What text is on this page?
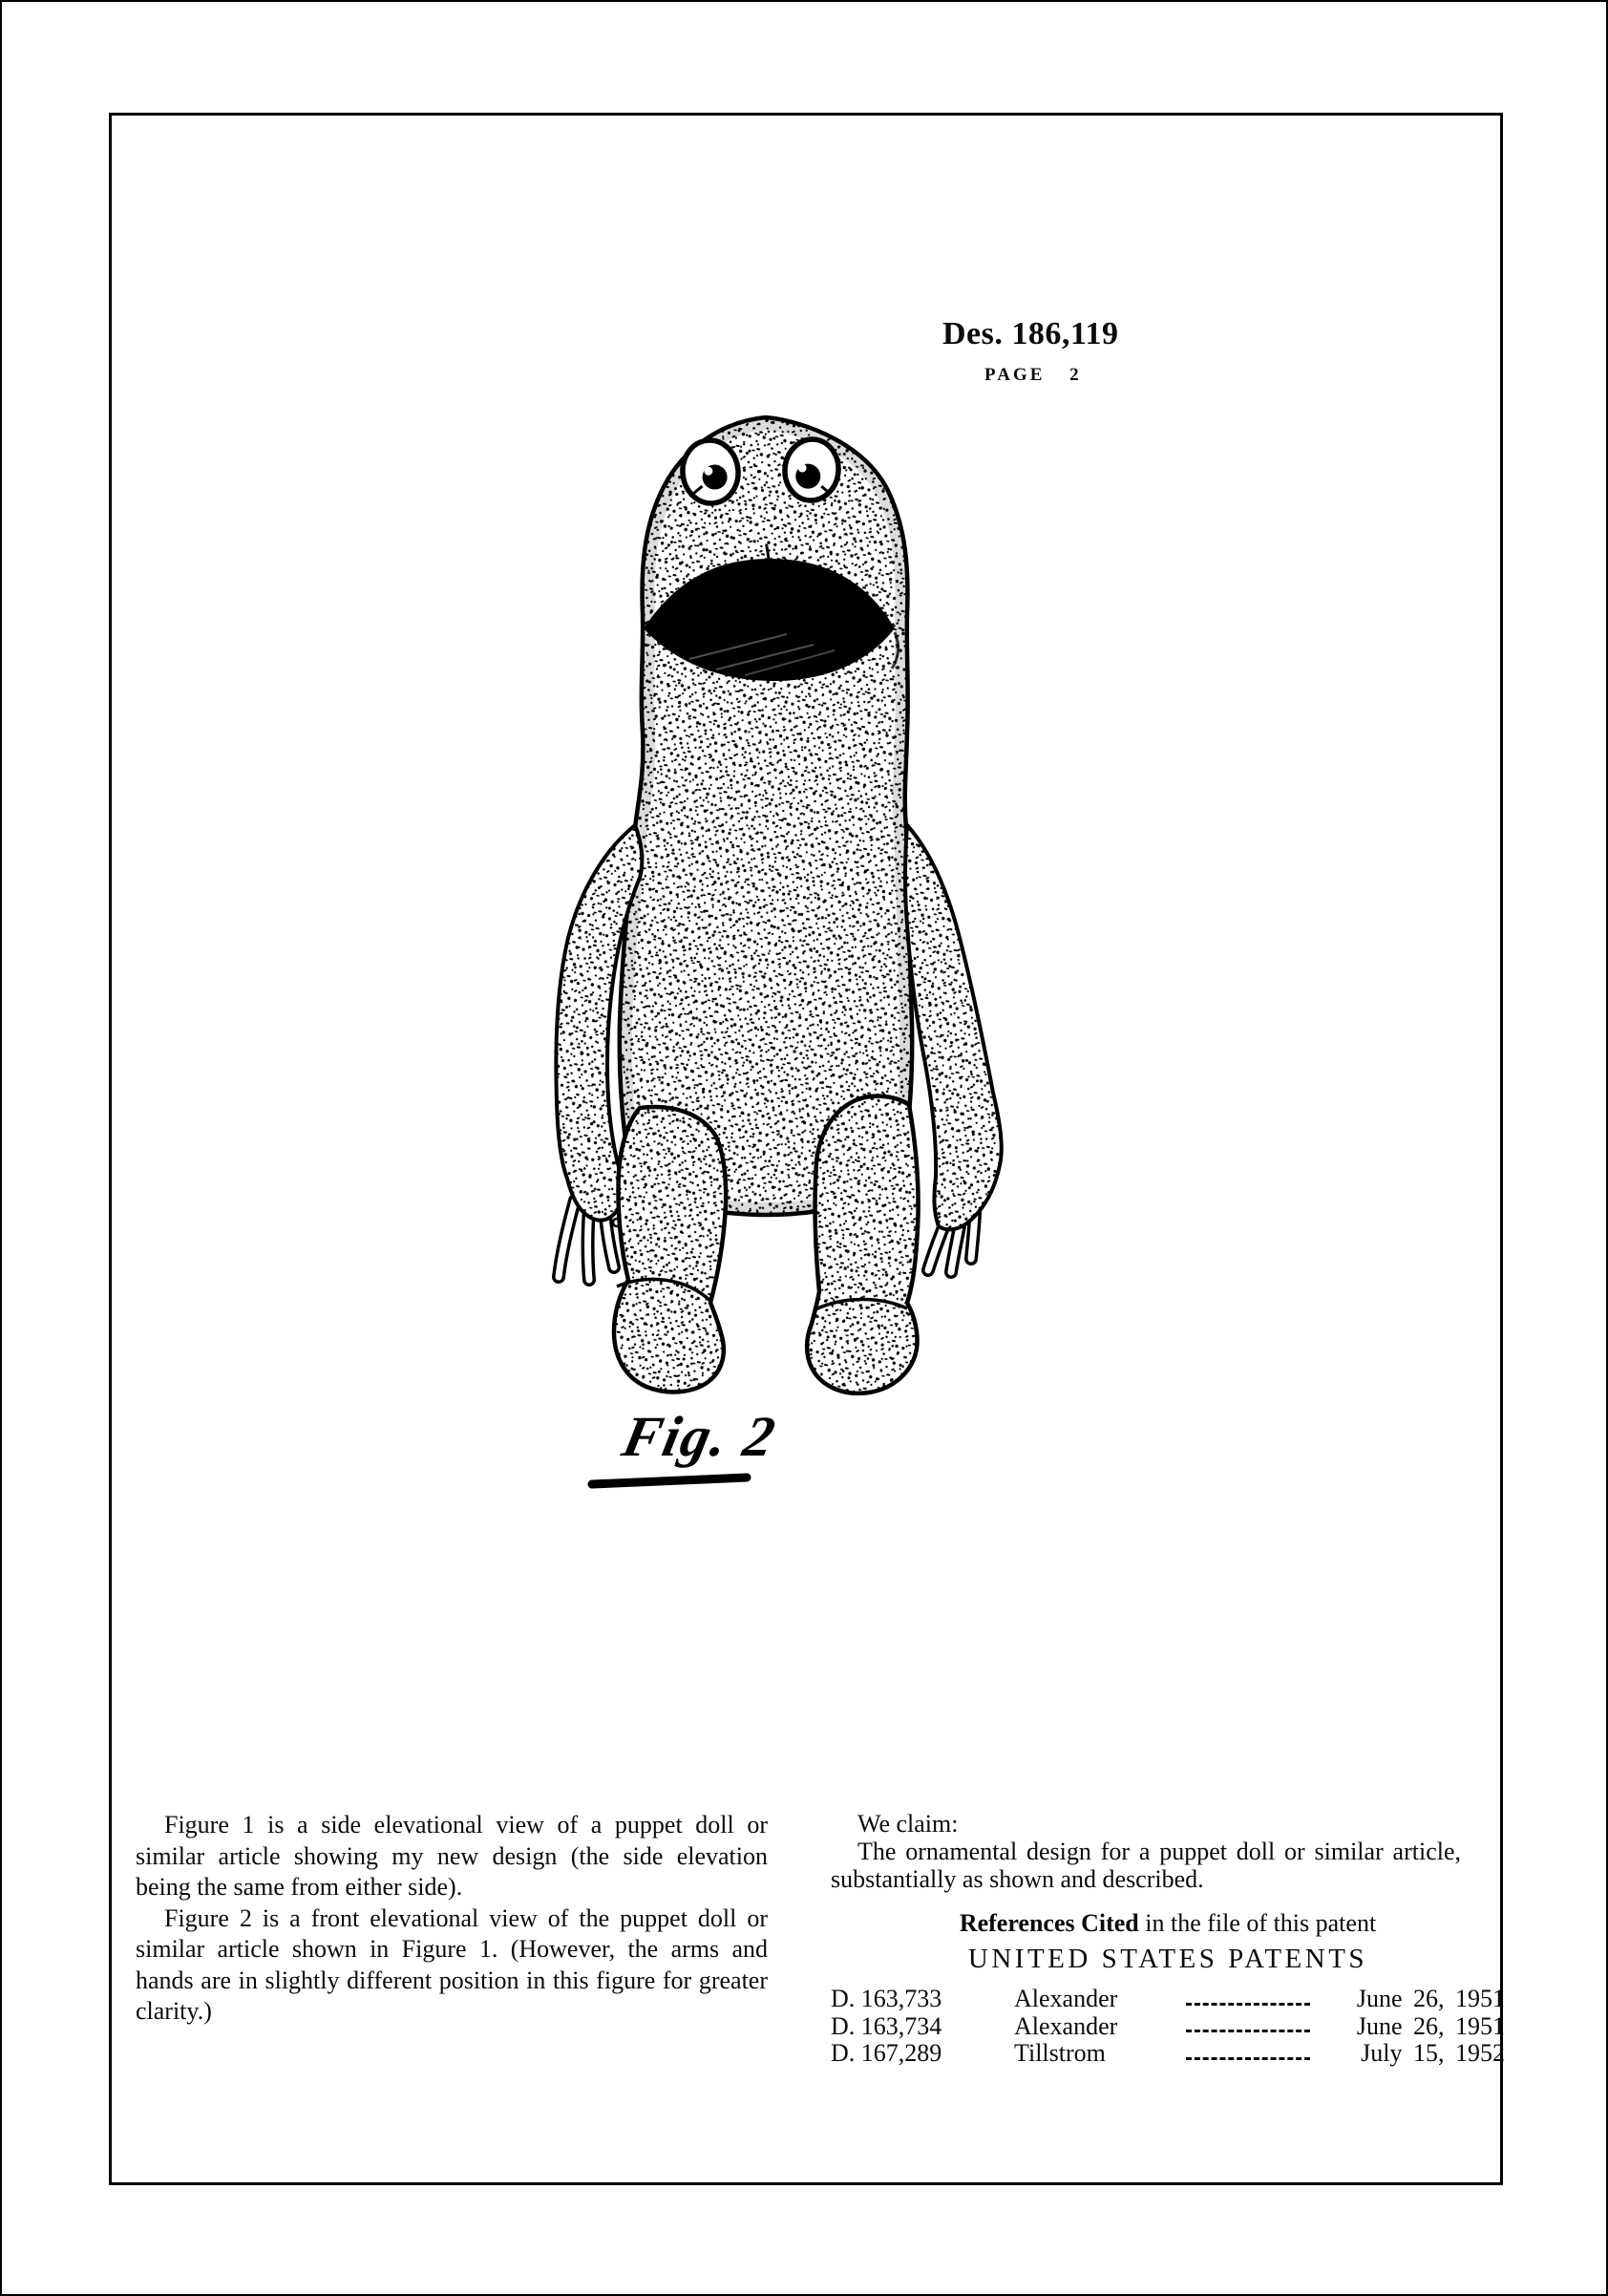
Des. 186,119
PAGE 2
Fig. 2

Figure 1 is a side elevational view of a puppet doll or similar article showing my new design (the side elevation being the same from either side).

Figure 2 is a front elevational view of the puppet doll or similar article shown in Figure 1. (However, the arms and hands are in slightly different position in this figure for greater clarity.)

We claim:

The ornamental design for a puppet doll or similar article, substantially as shown and described.

References Cited in the file of this patent

UNITED STATES PATENTS

D. 163,733	Alexander	June 26, 1951
D. 163,734	Alexander	June 26, 1951
D. 167,289	Tillstrom	July 15, 1952
